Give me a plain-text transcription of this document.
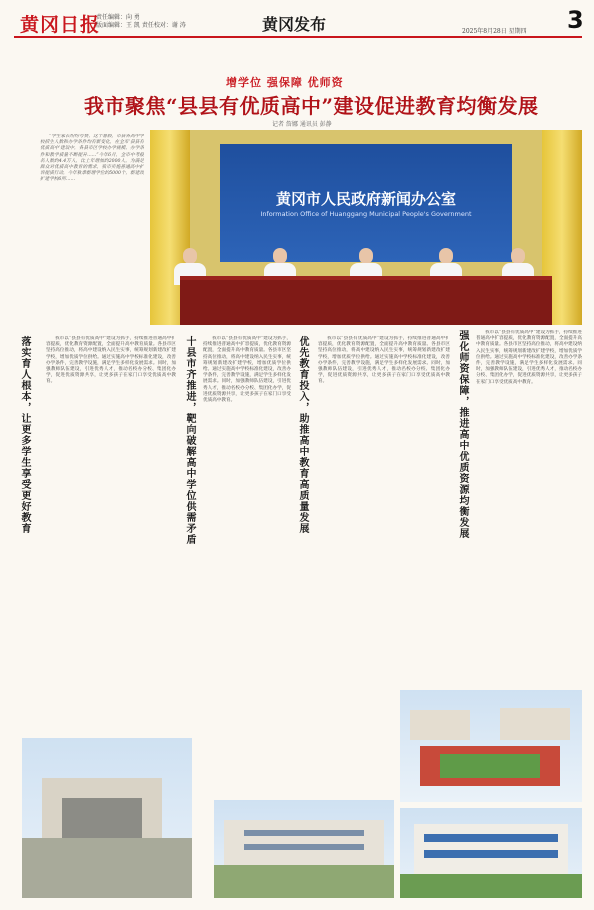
黄冈日报
责任编辑：向 勇
版面编辑：王 凯 责任校对：谢 涛	黄冈发布	2025年8月28日 星期四 3
增学位 强保障 优师资
我市聚焦“县县有优质高中”建设促进教育均衡发展
记者 詹娜 通讯员 彭静

“学生家长纷纷夸赞，这个暑假，市县各高中学校招生人数和办学条件均有新变化，在全市‘县县有优质高中’建设中，各县市区学校办学规模、办学条件和教学质量不断提升……”今年6月，全市中考报名人数约4.4万人，比上年增加约2000人。为满足群众对优质高中教育的需求，我市实施普通高中扩容提质行动，今年秋季新增学位约5000个，新建改扩建学校6所……

黄冈市人民政府新闻办公室
Information Office of Huanggang Municipal People's Government
落实育人根本，让更多学生享受更好教育	十县市齐推进，靶向破解高中学位供需矛盾	优先教育投入，助推高中教育高质量发展	强化师资保障，推进高中优质资源均衡发展

我市以“县县有优质高中”建设为抓手，持续推进普通高中扩容提质，优化教育资源配置，全面提升高中教育质量。各县市区坚持高位推动，将高中建设纳入民生实事，统筹规划新建改扩建学校，增加优质学位供给。通过实施高中学校标准化建设，改善办学条件，完善教学设施，满足学生多样化发展需求。同时，加强教师队伍建设，引进优秀人才，推动名校办分校、集团化办学，促进优质资源共享，让更多孩子在家门口享受优质高中教育。

我市以“县县有优质高中”建设为抓手，持续推进普通高中扩容提质，优化教育资源配置，全面提升高中教育质量。各县市区坚持高位推动，将高中建设纳入民生实事，统筹规划新建改扩建学校，增加优质学位供给。通过实施高中学校标准化建设，改善办学条件，完善教学设施，满足学生多样化发展需求。同时，加强教师队伍建设，引进优秀人才，推动名校办分校、集团化办学，促进优质资源共享，让更多孩子在家门口享受优质高中教育。

我市以“县县有优质高中”建设为抓手，持续推进普通高中扩容提质，优化教育资源配置，全面提升高中教育质量。各县市区坚持高位推动，将高中建设纳入民生实事，统筹规划新建改扩建学校，增加优质学位供给。通过实施高中学校标准化建设，改善办学条件，完善教学设施，满足学生多样化发展需求。同时，加强教师队伍建设，引进优秀人才，推动名校办分校、集团化办学，促进优质资源共享，让更多孩子在家门口享受优质高中教育。

我市以“县县有优质高中”建设为抓手，持续推进普通高中扩容提质，优化教育资源配置，全面提升高中教育质量。各县市区坚持高位推动，将高中建设纳入民生实事，统筹规划新建改扩建学校，增加优质学位供给。通过实施高中学校标准化建设，改善办学条件，完善教学设施，满足学生多样化发展需求。同时，加强教师队伍建设，引进优秀人才，推动名校办分校、集团化办学，促进优质资源共享，让更多孩子在家门口享受优质高中教育。
